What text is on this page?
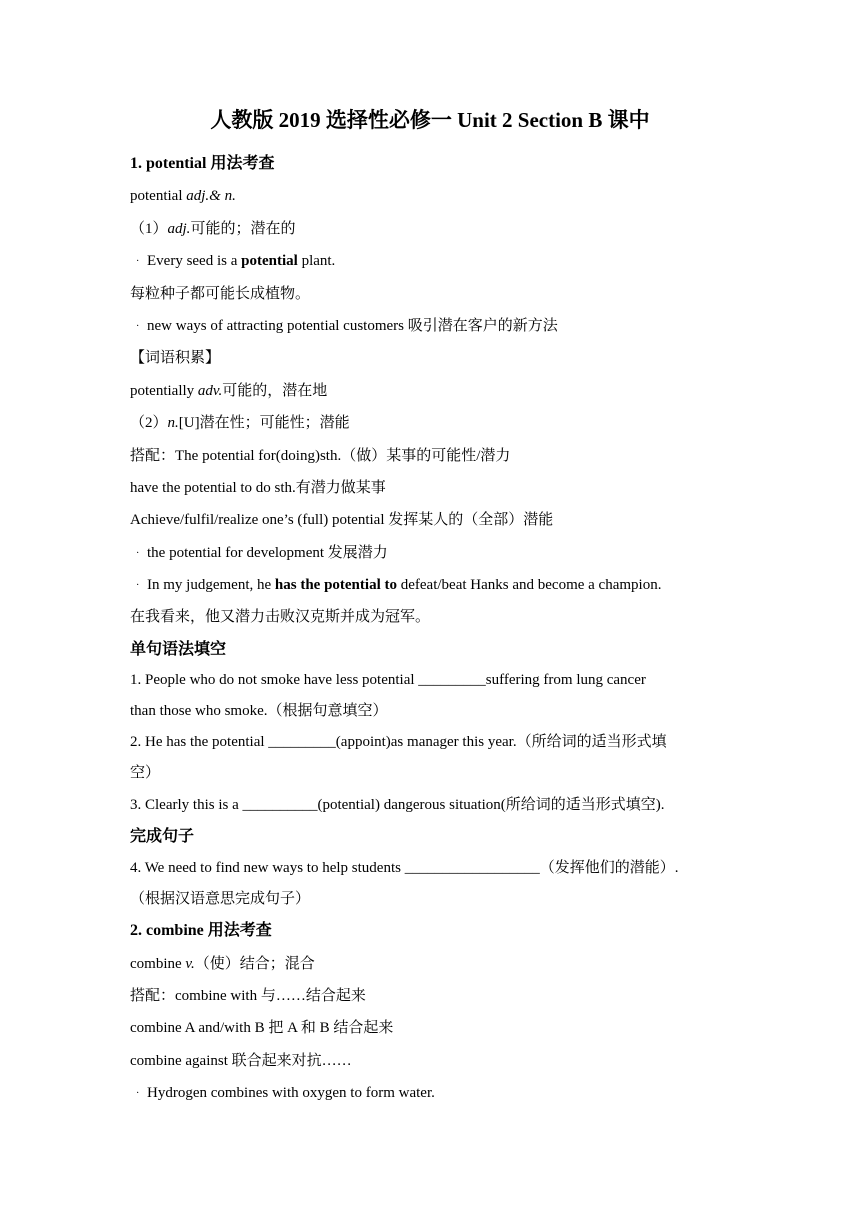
人教版 2019 选择性必修一 Unit 2 Section B 课中
1. potential 用法考查
potential adj.& n.
（1）adj.可能的；潜在的
· Every seed is a potential plant.
每粒种子都可能长成植物。
· new ways of attracting potential customers 吸引潜在客户的新方法
【词语积累】
potentially adv.可能的，潜在地
（2）n.[U]潜在性；可能性；潜能
搭配：The potential for(doing)sth.（做）某事的可能性/潜力
have the potential to do sth.有潜力做某事
Achieve/fulfil/realize one’s (full) potential 发挥某人的（全部）潜能
· the potential for development 发展潜力
· In my judgement, he has the potential to defeat/beat Hanks and become a champion.
在我看来，他又潜力击败汉克斯并成为冠军。
单句语法填空
1. People who do not smoke have less potential _________suffering from lung cancer
than those who smoke.（根据句意填空）
2. He has the potential _________(appoint)as manager this year.（所给词的适当形式填
空）
3. Clearly this is a __________(potential) dangerous situation(所给词的适当形式填空).
完成句子
4. We need to find new ways to help students __________________（发挥他们的潜能）.
（根据汉语意思完成句子）
2. combine 用法考查
combine v.（使）结合；混合
搭配：combine with 与……结合起来
combine A and/with B 把 A 和 B 结合起来
combine against 联合起来对抗……
· Hydrogen combines with oxygen to form water.
